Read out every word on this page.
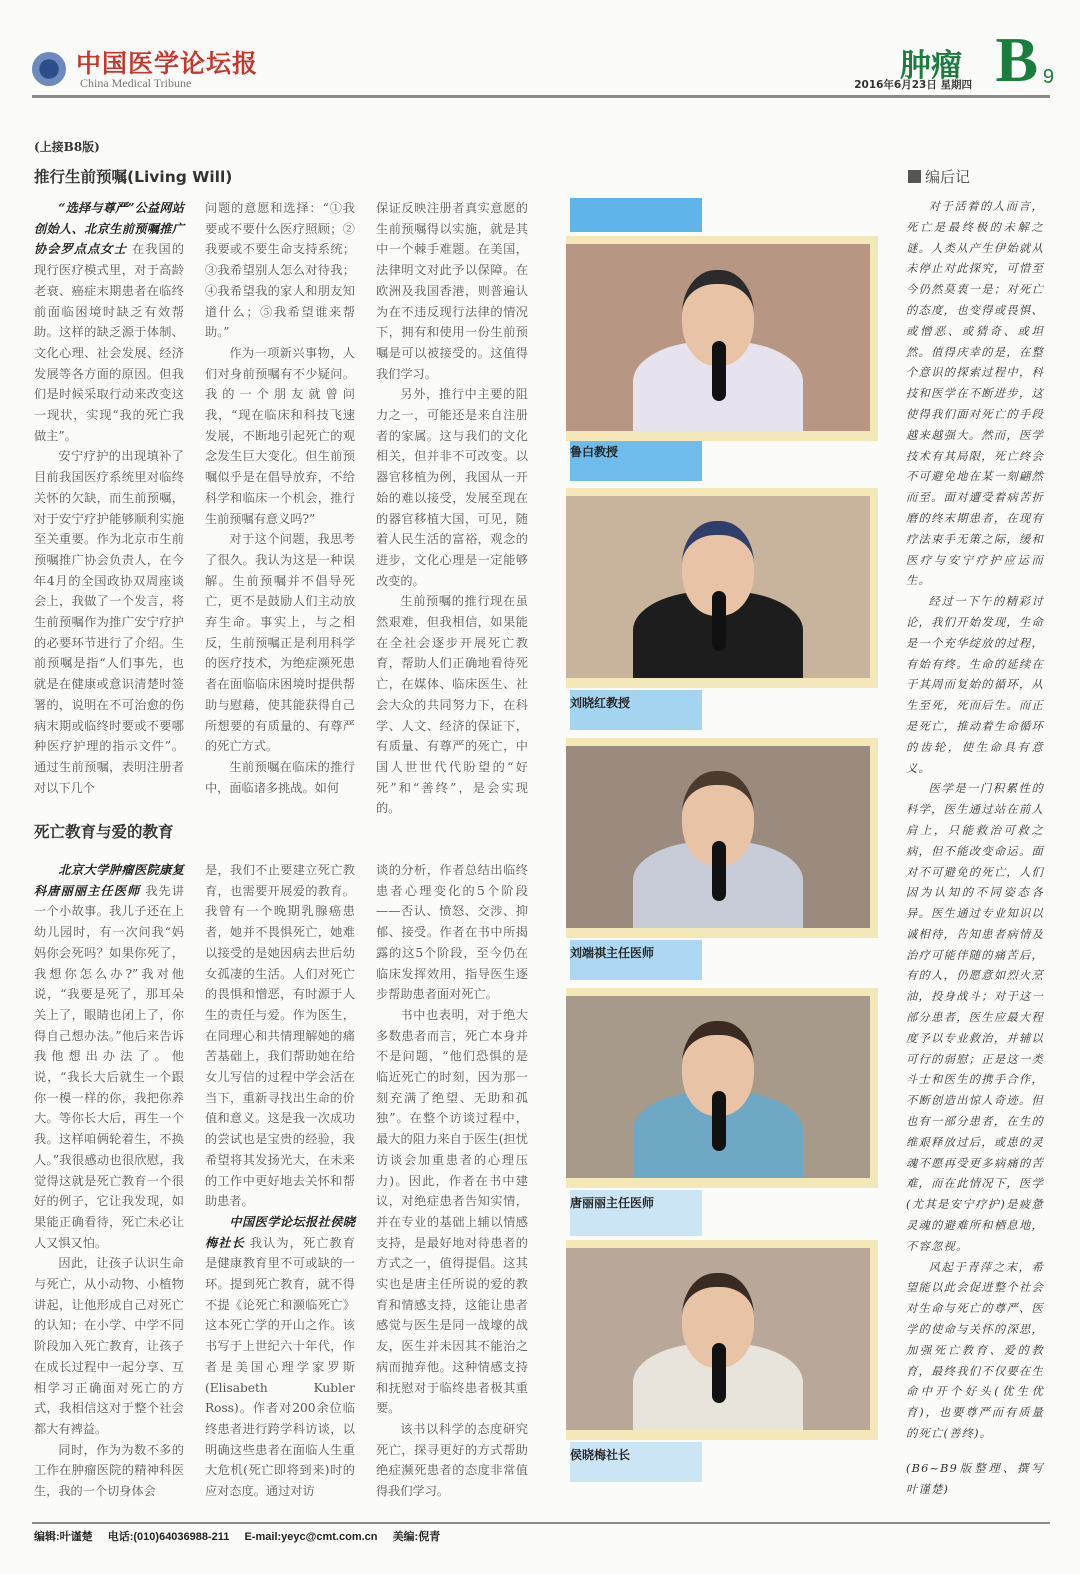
中国医学论坛报
China Medical Tribune	肿瘤 B 9
2016年6月23日 星期四
(上接B8版)
推行生前预嘱(Living Will)

“选择与尊严”公益网站创始人、北京生前预嘱推广协会罗点点女士 在我国的现行医疗模式里，对于高龄老衰、癌症末期患者在临终前面临困境时缺乏有效帮助。这样的缺乏源于体制、文化心理、社会发展、经济发展等各方面的原因。但我们是时候采取行动来改变这一现状，实现“我的死亡我做主”。

安宁疗护的出现填补了目前我国医疗系统里对临终关怀的欠缺，而生前预嘱，对于安宁疗护能够顺利实施至关重要。作为北京市生前预嘱推广协会负责人，在今年4月的全国政协双周座谈会上，我做了一个发言，将生前预嘱作为推广安宁疗护的必要环节进行了介绍。生前预嘱是指“人们事先，也就是在健康或意识清楚时签署的，说明在不可治愈的伤病末期或临终时要或不要哪种医疗护理的指示文件”。通过生前预嘱，表明注册者对以下几个

问题的意愿和选择：“①我要或不要什么医疗照顾；②我要或不要生命支持系统；③我希望别人怎么对待我；④我希望我的家人和朋友知道什么；⑤我希望谁来帮助。”

作为一项新兴事物，人们对身前预嘱有不少疑问。我的一个朋友就曾问我，“现在临床和科技飞速发展，不断地引起死亡的观念发生巨大变化。但生前预嘱似乎是在倡导放弃，不给科学和临床一个机会，推行生前预嘱有意义吗?”

对于这个问题，我思考了很久。我认为这是一种误解。生前预嘱并不倡导死亡，更不是鼓励人们主动放弃生命。事实上，与之相反，生前预嘱正是利用科学的医疗技术，为绝症濒死患者在面临临床困境时提供帮助与慰藉，使其能获得自己所想要的有质量的、有尊严的死亡方式。

生前预嘱在临床的推行中，面临诸多挑战。如何

保证反映注册者真实意愿的生前预嘱得以实施，就是其中一个棘手难题。在美国，法律明文对此予以保障。在欧洲及我国香港，则普遍认为在不违反现行法律的情况下，拥有和使用一份生前预嘱是可以被接受的。这值得我们学习。

另外，推行中主要的阻力之一，可能还是来自注册者的家属。这与我们的文化相关，但并非不可改变。以器官移植为例，我国从一开始的难以接受，发展至现在的器官移植大国，可见，随着人民生活的富裕，观念的进步，文化心理是一定能够改变的。

生前预嘱的推行现在虽然艰难，但我相信，如果能在全社会逐步开展死亡教育，帮助人们正确地看待死亡，在媒体、临床医生、社会大众的共同努力下，在科学、人文、经济的保证下，有质量、有尊严的死亡，中国人世世代代盼望的“好死”和“善终”，是会实现的。

死亡教育与爱的教育

北京大学肿瘤医院康复科唐丽丽主任医师 我先讲一个小故事。我儿子还在上幼儿园时，有一次问我“妈妈你会死吗？如果你死了，我想你怎么办?”我对他说，“我要是死了，那耳朵关上了，眼睛也闭上了，你得自己想办法。”他后来告诉我他想出办法了。他说，“我长大后就生一个跟你一模一样的你，我把你养大。等你长大后，再生一个我。这样咱俩轮着生，不换人。”我很感动也很欣慰，我觉得这就是死亡教育一个很好的例子，它让我发现，如果能正确看待，死亡未必让人又惧又怕。

因此，让孩子认识生命与死亡，从小动物、小植物讲起，让他形成自己对死亡的认知；在小学、中学不同阶段加入死亡教育，让孩子在成长过程中一起分享、互相学习正确面对死亡的方式，我相信这对于整个社会都大有裨益。

同时，作为为数不多的工作在肿瘤医院的精神科医生，我的一个切身体会

是，我们不止要建立死亡教育，也需要开展爱的教育。我曾有一个晚期乳腺癌患者，她并不畏惧死亡，她难以接受的是她因病去世后幼女孤凄的生活。人们对死亡的畏惧和憎恶，有时源于人生的责任与爱。作为医生，在同理心和共情理解她的痛苦基础上，我们帮助她在给女儿写信的过程中学会活在当下，重新寻找出生命的价值和意义。这是我一次成功的尝试也是宝贵的经验，我希望将其发扬光大，在未来的工作中更好地去关怀和帮助患者。

中国医学论坛报社侯晓梅社长 我认为，死亡教育是健康教育里不可或缺的一环。提到死亡教育，就不得不提《论死亡和濒临死亡》这本死亡学的开山之作。该书写于上世纪六十年代，作者是美国心理学家罗斯(Elisabeth Kubler Ross)。作者对200余位临终患者进行跨学科访谈，以明确这些患者在面临人生重大危机(死亡即将到来)时的应对态度。通过对访

谈的分析，作者总结出临终患者心理变化的5个阶段——否认、愤怒、交涉、抑郁、接受。作者在书中所揭露的这5个阶段，至今仍在临床发挥效用，指导医生逐步帮助患者面对死亡。

书中也表明，对于绝大多数患者而言，死亡本身并不是问题，“他们恐惧的是临近死亡的时刻，因为那一刻充满了绝望、无助和孤独”。在整个访谈过程中，最大的阻力来自于医生(担忧访谈会加重患者的心理压力)。因此，作者在书中建议，对绝症患者告知实情，并在专业的基础上辅以情感支持，是最好地对待患者的方式之一，值得提倡。这其实也是唐主任所说的爱的教育和情感支持，这能让患者感觉与医生是同一战壕的战友，医生并未因其不能治之病而抛弃他。这种情感支持和抚慰对于临终患者极其重要。

该书以科学的态度研究死亡，探寻更好的方式帮助绝症濒死患者的态度非常值得我们学习。

鲁白教授
刘晓红教授
刘端祺主任医师
唐丽丽主任医师
侯晓梅社长
编后记

对于活着的人而言，死亡是最终极的未解之谜。人类从产生伊始就从未停止对此探究，可惜至今仍然莫衷一是；对死亡的态度，也变得或畏惧、或憎恶、或猜奇、或坦然。值得庆幸的是，在整个意识的探索过程中，科技和医学在不断进步，这使得我们面对死亡的手段越来越强大。然而，医学技术有其局限，死亡终会不可避免地在某一刻翩然而至。面对遭受着病苦折磨的终末期患者，在现有疗法束手无策之际，缓和医疗与安宁疗护应运而生。

经过一下午的精彩讨论，我们开始发现，生命是一个充华绽放的过程，有始有终。生命的延续在于其周而复始的循环，从生至死，死而后生。而正是死亡，推动着生命循环的齿轮，使生命具有意义。

医学是一门积累性的科学，医生通过站在前人肩上，只能救治可救之病，但不能改变命运。面对不可避免的死亡，人们因为认知的不同姿态各异。医生通过专业知识以诚相待，告知患者病情及治疗可能伴随的痛苦后，有的人，仍愿意如烈火烹油，投身战斗；对于这一部分患者，医生应最大程度予以专业救治，并辅以可行的弱慰；正是这一类斗士和医生的携手合作，不断创造出惊人奇迹。但也有一部分患者，在生的维艰释放过后，或患的灵魂不愿再受更多病痛的苦难，而在此情况下，医学(尤其是安宁疗护)是疲惫灵魂的避难所和栖息地，不容忽视。

风起于青萍之末，希望能以此会促进整个社会对生命与死亡的尊严、医学的使命与关怀的深思，加强死亡教育、爱的教育，最终我们不仅要在生命中开个好头(优生优育)，也要尊严而有质量的死亡(善终)。

(B6~B9版整理、撰写 叶谨楚)

编辑:叶谨楚 电话:(010)64036988-211 E-mail:yeyc@cmt.com.cn 美编:倪青
